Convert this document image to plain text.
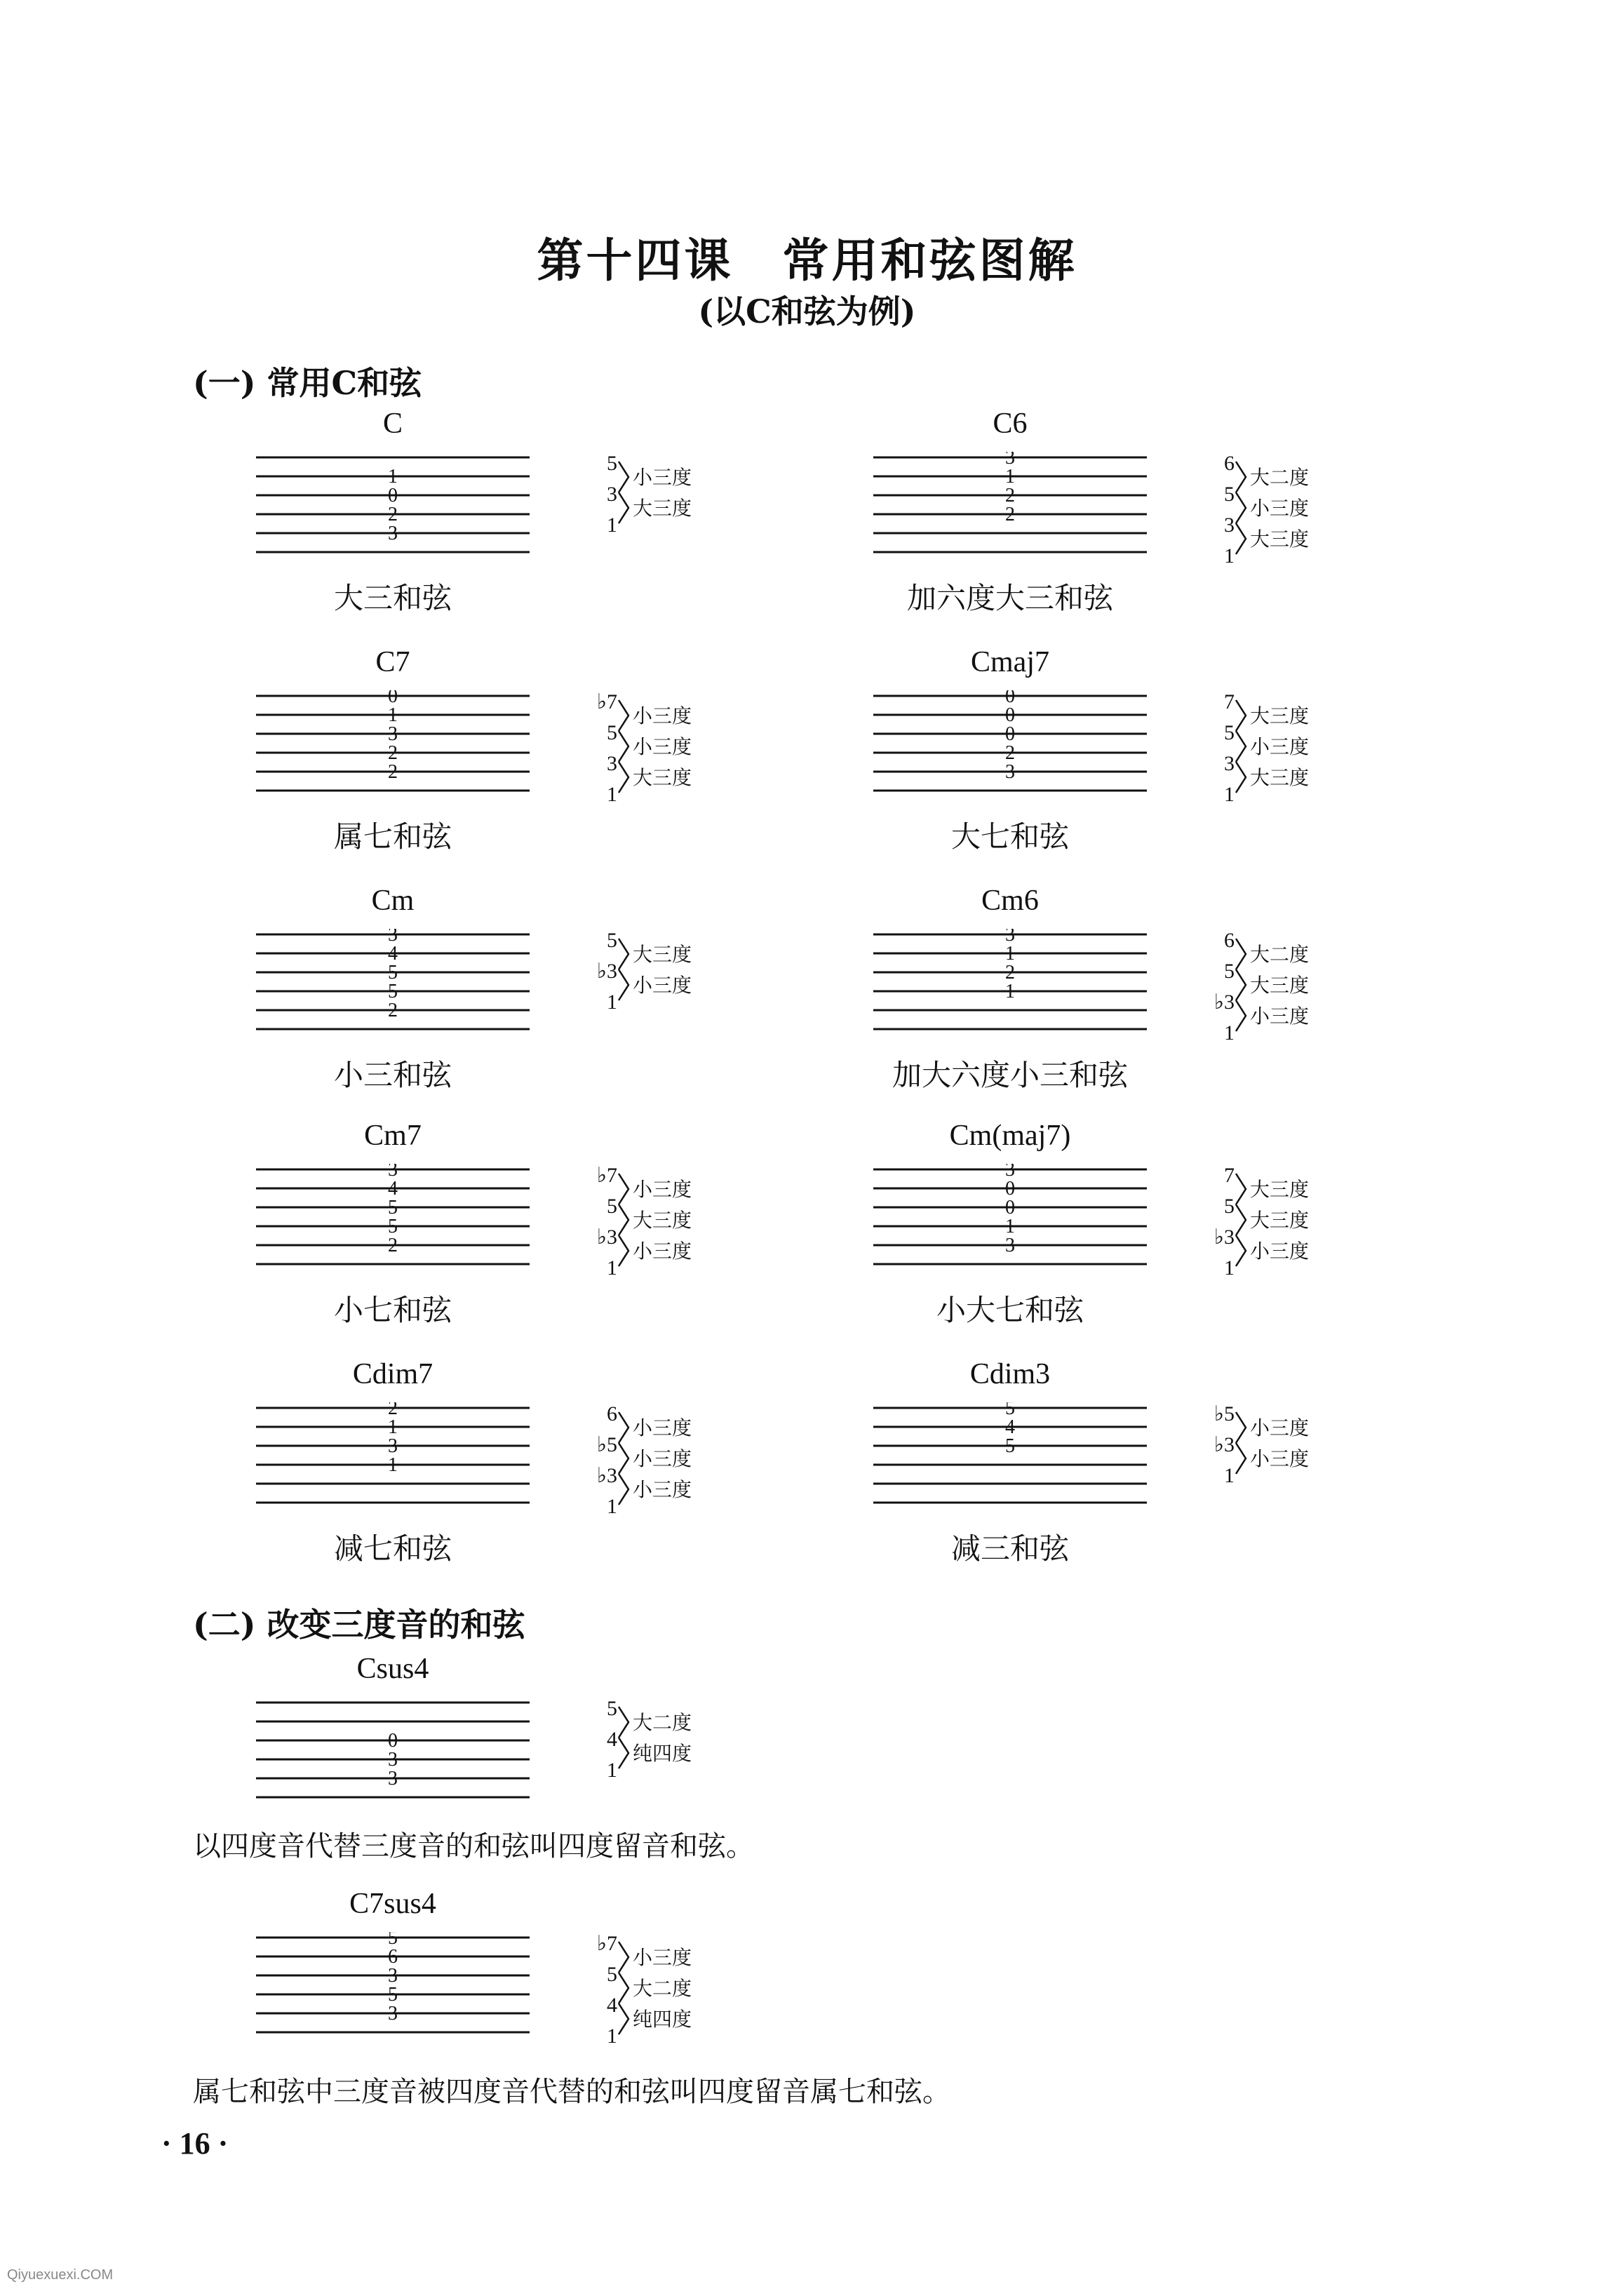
第十四课　常用和弦图解
(以C和弦为例)
(一) 常用C和弦
C
1
0
2
3
5
3
1
小三度
大三度
大三和弦
C6
3
1
2
2
6
5
3
1
大二度
小三度
大三度
加六度大三和弦
C7
0
1
3
2
2
♭7
5
3
1
小三度
小三度
大三度
属七和弦
Cmaj7
0
0
0
2
3
7
5
3
1
大三度
小三度
大三度
大七和弦
Cm
3
4
5
5
2
5
♭3
1
大三度
小三度
小三和弦
Cm6
3
1
2
1
6
5
♭3
1
大二度
大三度
小三度
加大六度小三和弦
Cm7
3
4
5
5
2
♭7
5
♭3
1
小三度
大三度
小三度
小七和弦
Cm(maj7)
3
0
0
1
3
7
5
♭3
1
大三度
大三度
小三度
小大七和弦
Cdim7
2
1
3
1
6
♭5
♭3
1
小三度
小三度
小三度
减七和弦
Cdim3
5
4
5
♭5
♭3
1
小三度
小三度
减三和弦
(二) 改变三度音的和弦
Csus4
0
3
3
5
4
1
大二度
纯四度
以四度音代替三度音的和弦叫四度留音和弦。
C7sus4
5
6
3
5
3
♭7
5
4
1
小三度
大二度
纯四度
属七和弦中三度音被四度音代替的和弦叫四度留音属七和弦。
· 16 ·
Qiyuexuexi.COM
